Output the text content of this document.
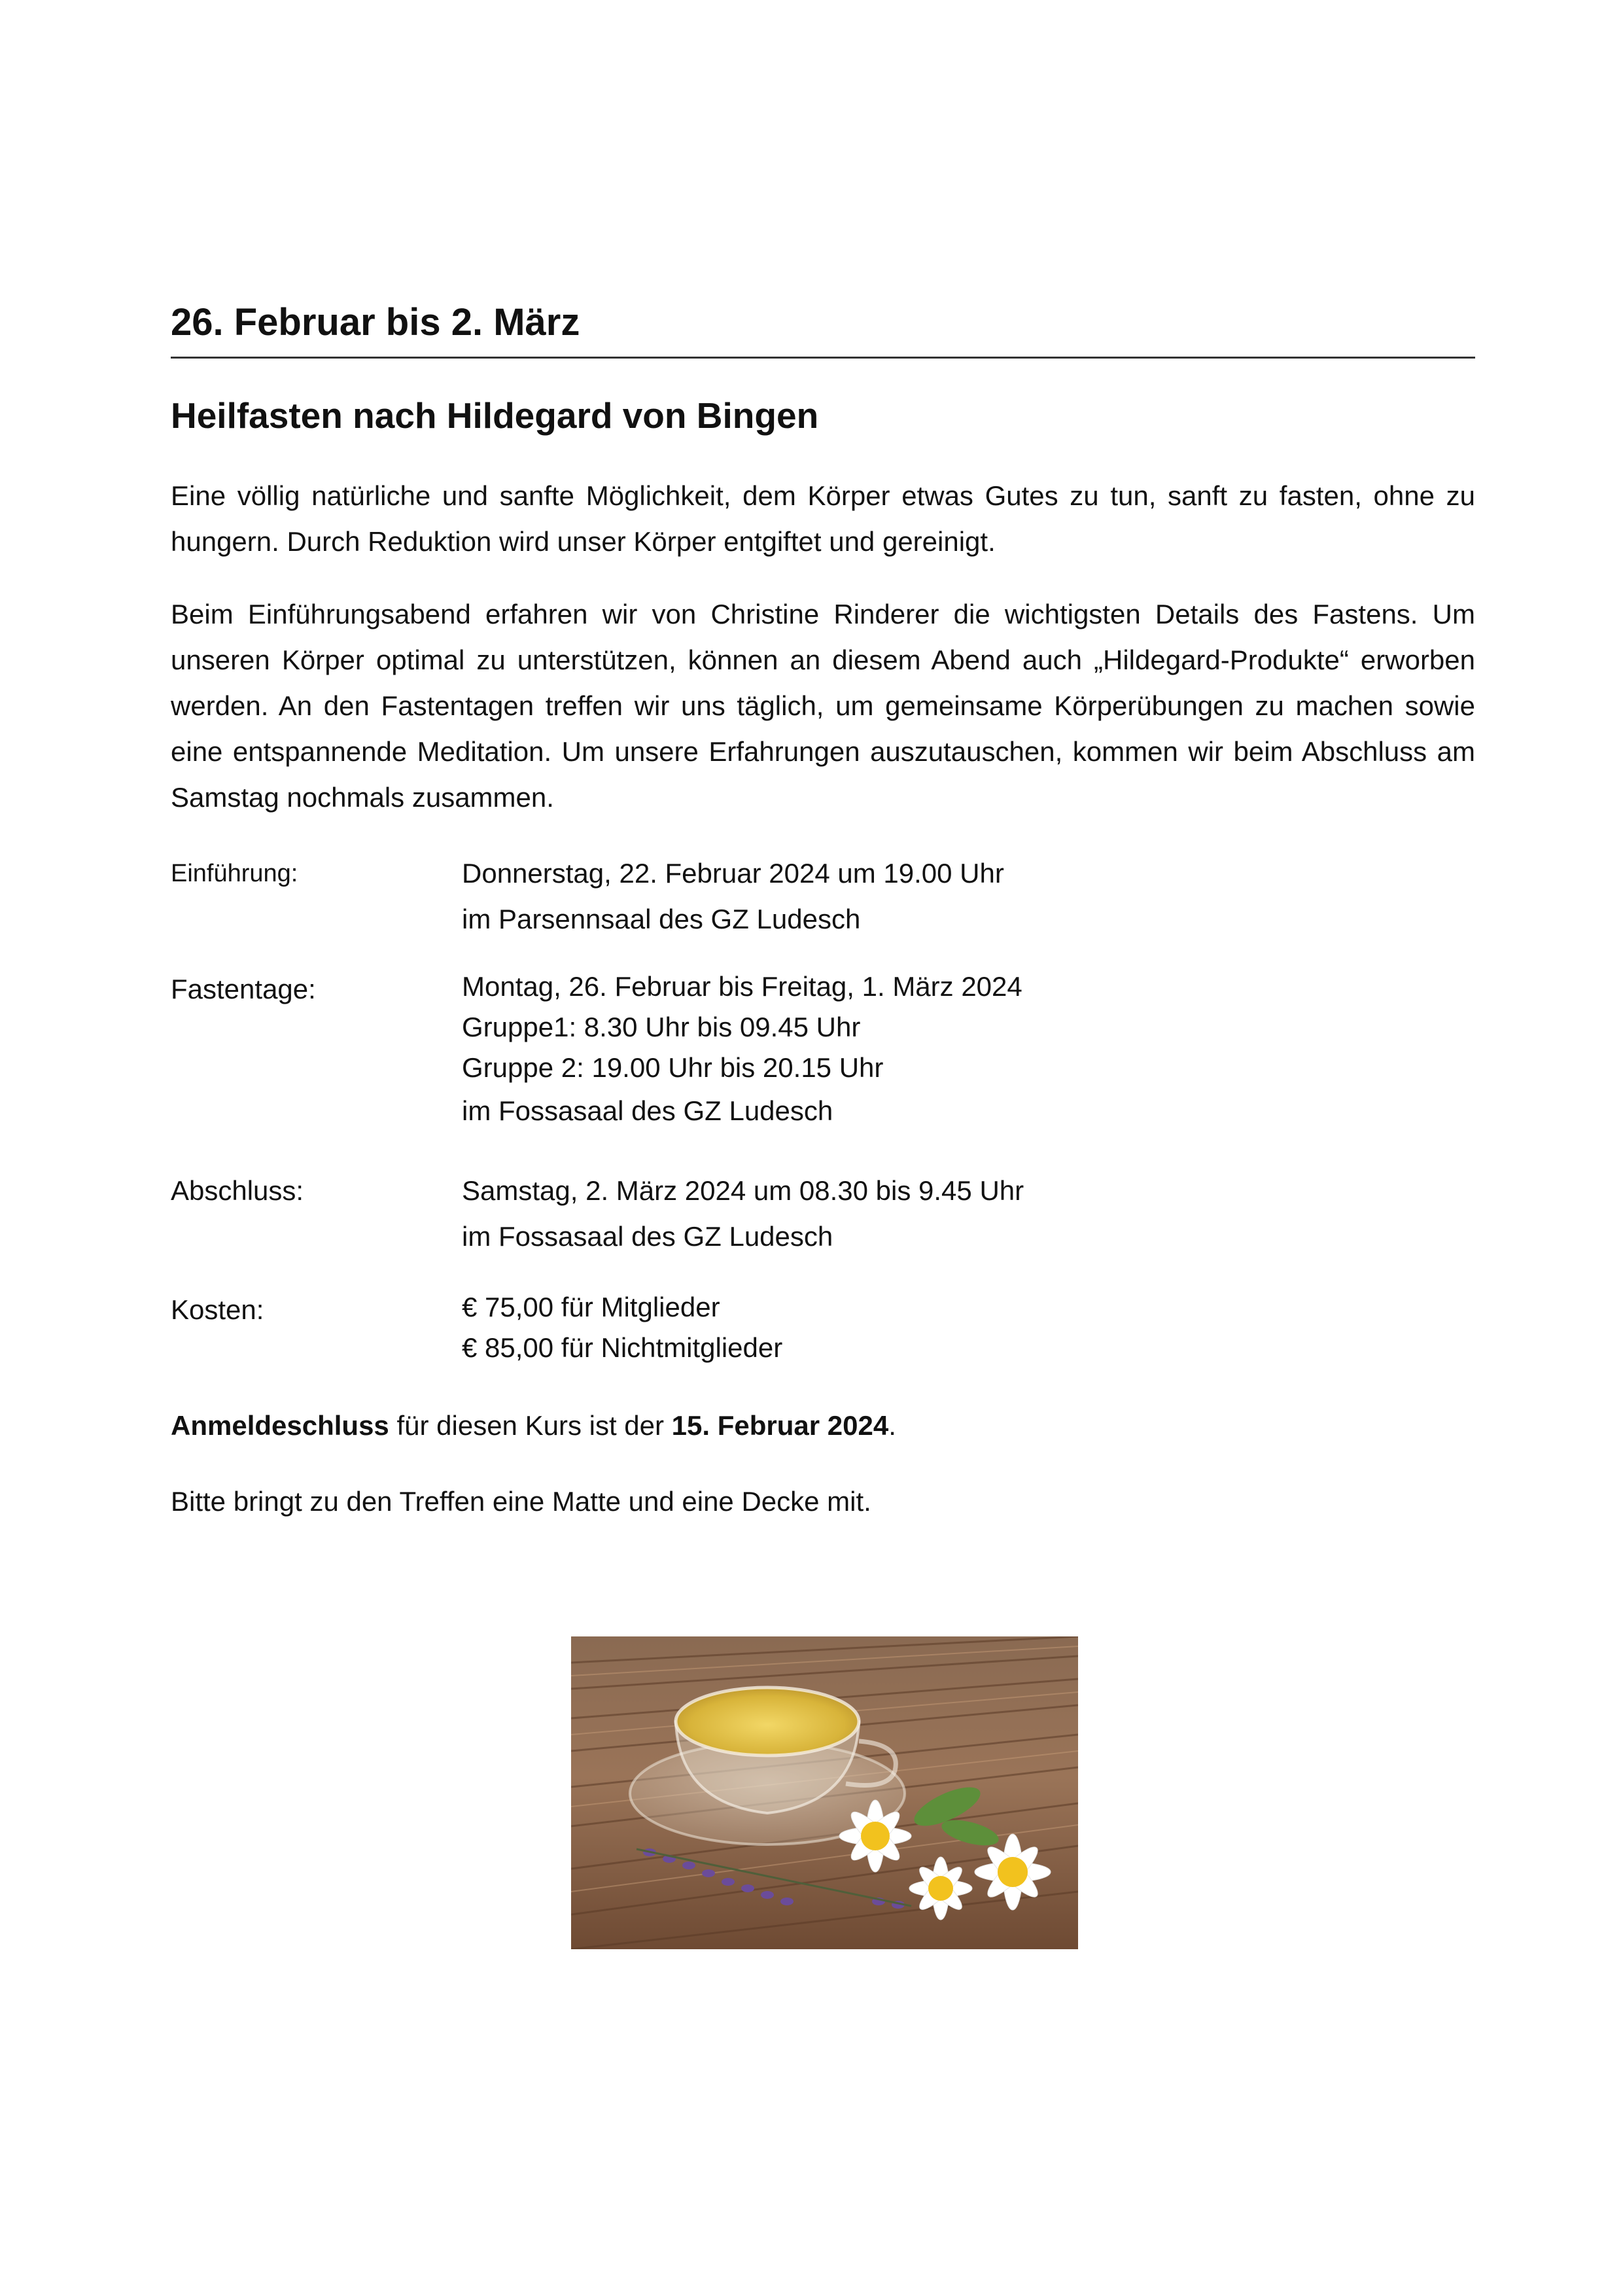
26. Februar bis 2. März
Heilfasten nach Hildegard von Bingen

Eine völlig natürliche und sanfte Möglichkeit, dem Körper etwas Gutes zu tun, sanft zu fasten, ohne zu hungern. Durch Reduktion wird unser Körper entgiftet und gereinigt.

Beim Einführungsabend erfahren wir von Christine Rinderer die wichtigsten Details des Fastens. Um unseren Körper optimal zu unterstützen, können an diesem Abend auch „Hildegard-Produkte“ erworben werden. An den Fastentagen treffen wir uns täglich, um gemeinsame Körperübungen zu machen sowie eine entspannende Meditation. Um unsere Erfahrungen auszutauschen, kommen wir beim Abschluss am Samstag nochmals zusammen.

Einführung:	Donnerstag, 22. Februar 2024 um 19.00 Uhr
im Parsennsaal des GZ Ludesch
Fastentage:	Montag, 26. Februar bis Freitag, 1. März 2024
Gruppe1: 8.30 Uhr bis 09.45 Uhr
Gruppe 2: 19.00 Uhr bis 20.15 Uhr
im Fossasaal des GZ Ludesch
Abschluss:	Samstag, 2. März 2024 um 08.30 bis 9.45 Uhr
im Fossasaal des GZ Ludesch
Kosten:	€ 75,00 für Mitglieder
€ 85,00 für Nichtmitglieder

Anmeldeschluss für diesen Kurs ist der 15. Februar 2024.

Bitte bringt zu den Treffen eine Matte und eine Decke mit.
